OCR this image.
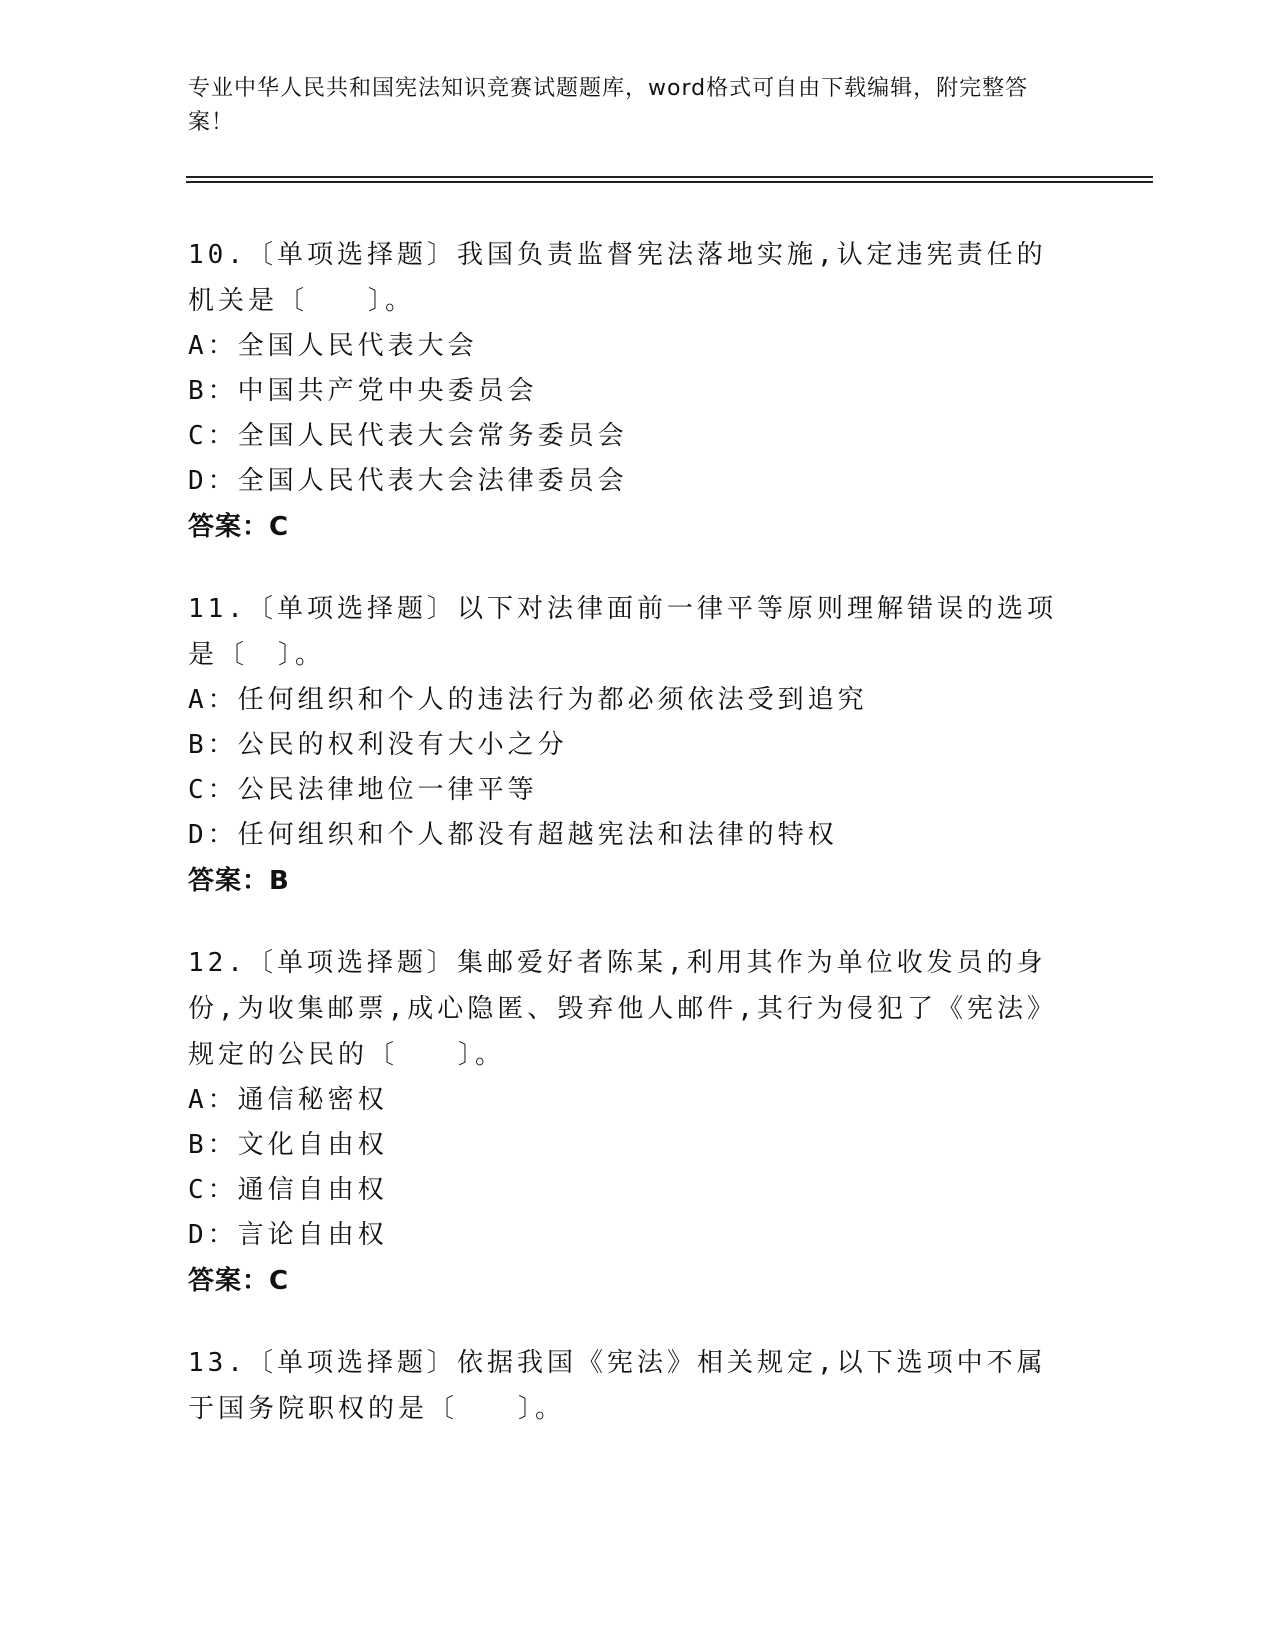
专业中华人民共和国宪法知识竞赛试题题库，word格式可自由下载编辑，附完整答案！
10.〔单项选择题〕我国负责监督宪法落地实施,认定违宪责任的机关是〔　　〕。
A：全国人民代表大会
B：中国共产党中央委员会
C：全国人民代表大会常务委员会
D：全国人民代表大会法律委员会
答案：C
11.〔单项选择题〕以下对法律面前一律平等原则理解错误的选项是〔　〕。
A：任何组织和个人的违法行为都必须依法受到追究
B：公民的权利没有大小之分
C：公民法律地位一律平等
D：任何组织和个人都没有超越宪法和法律的特权
答案：B
12.〔单项选择题〕集邮爱好者陈某,利用其作为单位收发员的身份,为收集邮票,成心隐匿、毁弃他人邮件,其行为侵犯了《宪法》规定的公民的〔　　〕。
A：通信秘密权
B：文化自由权
C：通信自由权
D：言论自由权
答案：C
13.〔单项选择题〕依据我国《宪法》相关规定,以下选项中不属于国务院职权的是〔　　〕。
